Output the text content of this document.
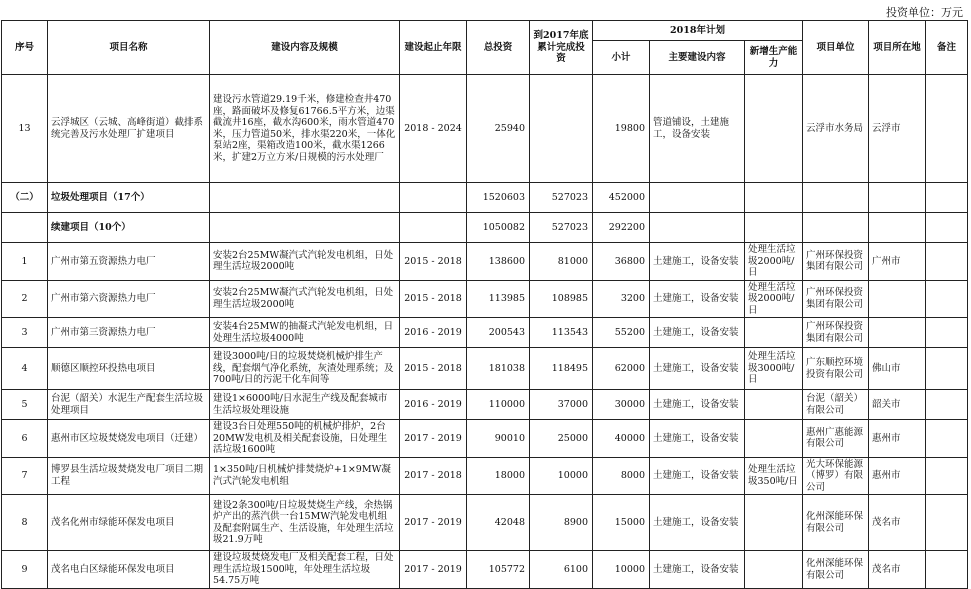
投资单位：万元
序号	项目名称	建设内容及规模	建设起止年限	总投资	到2017年底累计完成投资	2018年计划			项目单位	项目所在地	备注
						小计	主要建设内容	新增生产能力			
13	云浮城区（云城、高峰街道）截排系统完善及污水处理厂扩建项目	建设污水管道29.19千米，修建检查井470座，路面破坏及修复61766.5平方米，边渠截流井16座，截水沟600米，雨水管道470米，压力管道50米，排水渠220米，一体化泵站2座，渠箱改造100米，截水渠1266米，扩建2万立方米/日规模的污水处理厂	2018 - 2024	25940		19800	管道铺设，土建施工，设备安装		云浮市水务局	云浮市	
（二）	垃圾处理项目（17个）			1520603	527023	452000					
	续建项目（10个）			1050082	527023	292200					
1	广州市第五资源热力电厂	安装2台25MW凝汽式汽轮发电机组，日处理生活垃圾2000吨	2015 - 2018	138600	81000	36800	土建施工，设备安装	处理生活垃圾2000吨/日	广州环保投资集团有限公司	广州市	
2	广州市第六资源热力电厂	安装2台25MW凝汽式汽轮发电机组，日处理生活垃圾2000吨	2015 - 2018	113985	108985	3200	土建施工，设备安装	处理生活垃圾2000吨/日	广州环保投资集团有限公司		
3	广州市第三资源热力电厂	安装4台25MW的抽凝式汽轮发电机组，日处理生活垃圾4000吨	2016 - 2019	200543	113543	55200	土建施工，设备安装		广州环保投资集团有限公司		
4	顺德区顺控环投热电项目	建设3000吨/日的垃圾焚烧机械炉排生产线，配套烟气净化系统，灰渣处理系统；及700吨/日的污泥干化车间等	2015 - 2018	181038	118495	62000	土建施工，设备安装	处理生活垃圾3000吨/日	广东顺控环境投资有限公司	佛山市	
5	台泥（韶关）水泥生产配套生活垃圾处理项目	建设1×6000吨/日水泥生产线及配套城市生活垃圾处理设施	2016 - 2019	110000	37000	30000	土建施工，设备安装		台泥（韶关）有限公司	韶关市	
6	惠州市区垃圾焚烧发电项目（迁建）	建设3台日处理550吨的机械炉排炉，2台20MW发电机及相关配套设施，日处理生活垃圾1600吨	2017 - 2019	90010	25000	40000	土建施工，设备安装		惠州广惠能源有限公司	惠州市	
7	博罗县生活垃圾焚烧发电厂项目二期工程	1×350吨/日机械炉排焚烧炉+1×9MW凝汽式汽轮发电机组	2017 - 2018	18000	10000	8000	土建施工，设备安装	处理生活垃圾350吨/日	光大环保能源（博罗）有限公司	惠州市	
8	茂名化州市绿能环保发电项目	建设2条300吨/日垃圾焚烧生产线，余热锅炉产出的蒸汽供一台15MW汽轮发电机组及配套附属生产、生活设施，年处理生活垃圾21.9万吨	2017 - 2019	42048	8900	15000	土建施工，设备安装		化州深能环保有限公司	茂名市	
9	茂名电白区绿能环保发电项目	建设垃圾焚烧发电厂及相关配套工程，日处理生活垃圾1500吨，年处理生活垃圾54.75万吨	2017 - 2019	105772	6100	10000	土建施工，设备安装		化州深能环保有限公司	茂名市	
